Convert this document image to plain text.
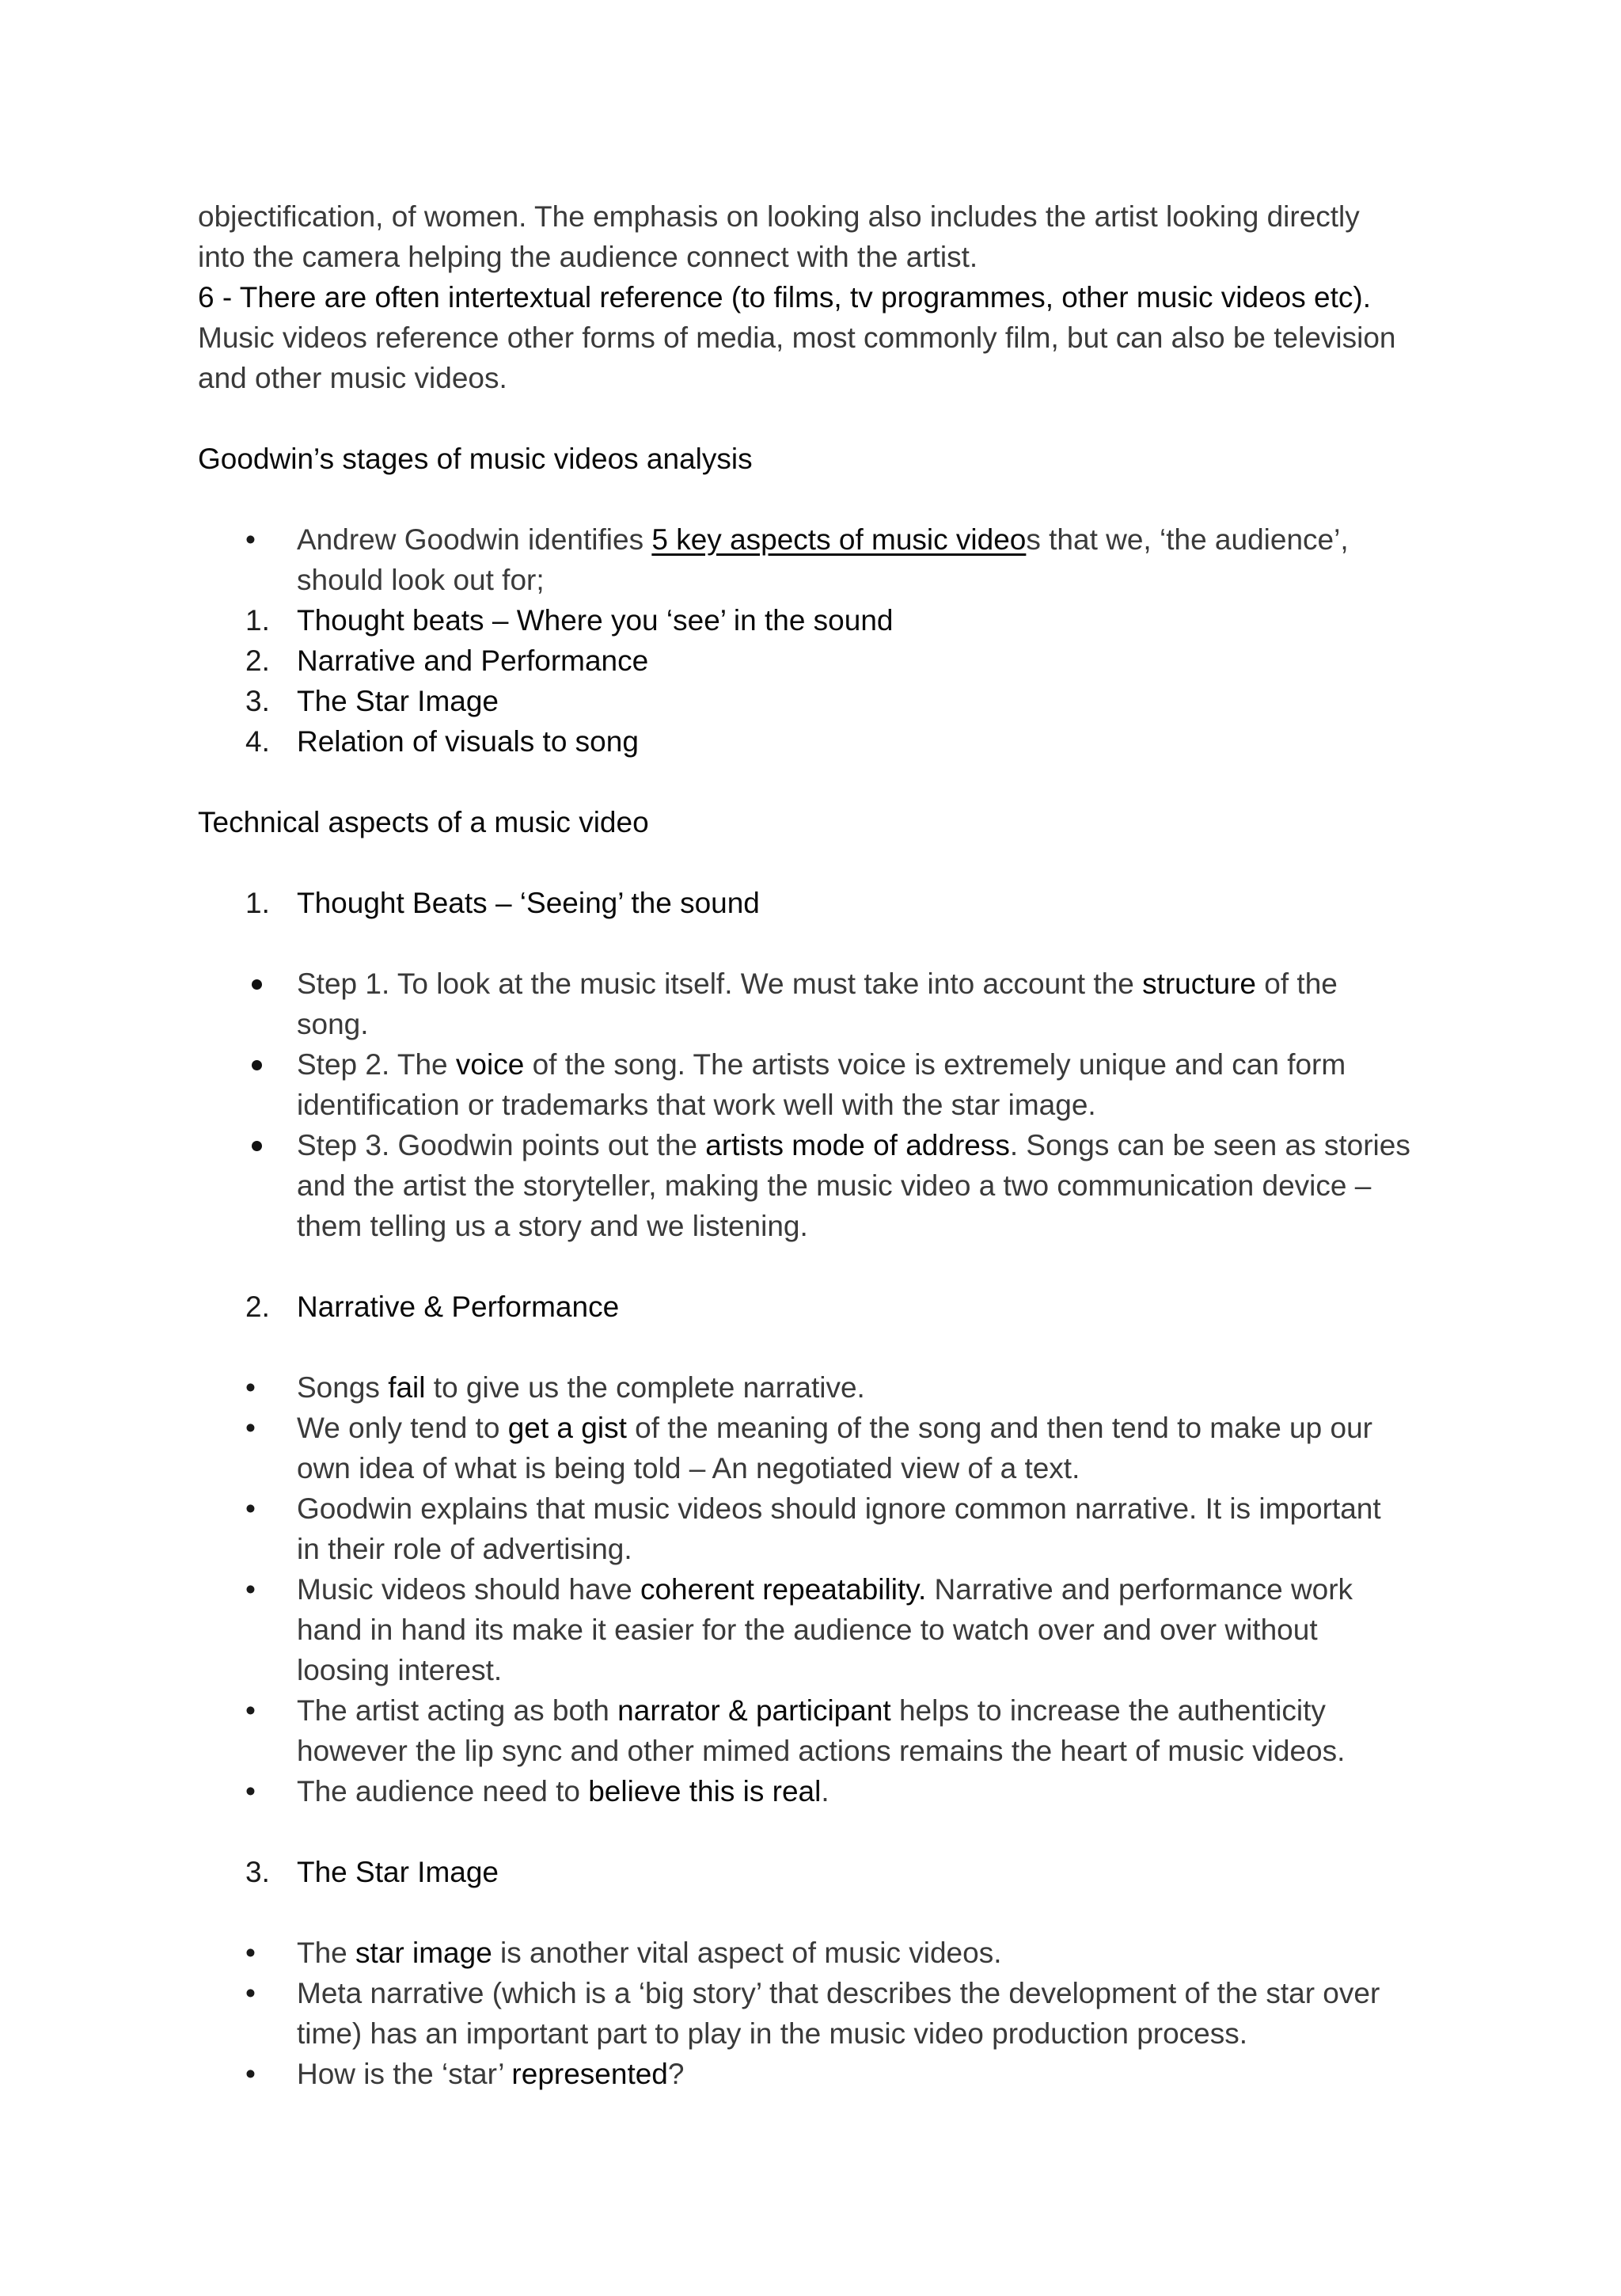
objectification, of women. The emphasis on looking also includes the artist looking directly

into the camera helping the audience connect with the artist.

6 - There are often intertextual reference (to films, tv programmes, other music videos etc).

Music videos reference other forms of media, most commonly film, but can also be television

and other music videos.

Goodwin’s stages of music videos analysis

•	Andrew Goodwin identifies 5 key aspects of music videos that we, ‘the audience’,
should look out for;
1. Thought beats – Where you ‘see’ in the sound
2. Narrative and Performance
3. The Star Image
4. Relation of visuals to song

Technical aspects of a music video

1. Thought Beats – ‘Seeing’ the sound
Step 1. To look at the music itself. We must take into account the structure of the
song.
Step 2. The voice of the song. The artists voice is extremely unique and can form
identification or trademarks that work well with the star image.
Step 3. Goodwin points out the artists mode of address. Songs can be seen as stories
and the artist the storyteller, making the music video a two communication device –
them telling us a story and we listening.
2. Narrative & Performance
•	Songs fail to give us the complete narrative.
•	We only tend to get a gist of the meaning of the song and then tend to make up our
own idea of what is being told – An negotiated view of a text.
•	Goodwin explains that music videos should ignore common narrative. It is important
in their role of advertising.
•	Music videos should have coherent repeatability. Narrative and performance work
hand in hand its make it easier for the audience to watch over and over without
loosing interest.
•	The artist acting as both narrator & participant helps to increase the authenticity
however the lip sync and other mimed actions remains the heart of music videos.
•	The audience need to believe this is real.
3. The Star Image
•	The star image is another vital aspect of music videos.
•	Meta narrative (which is a ‘big story’ that describes the development of the star over
time) has an important part to play in the music video production process.
•	How is the ‘star’ represented?
